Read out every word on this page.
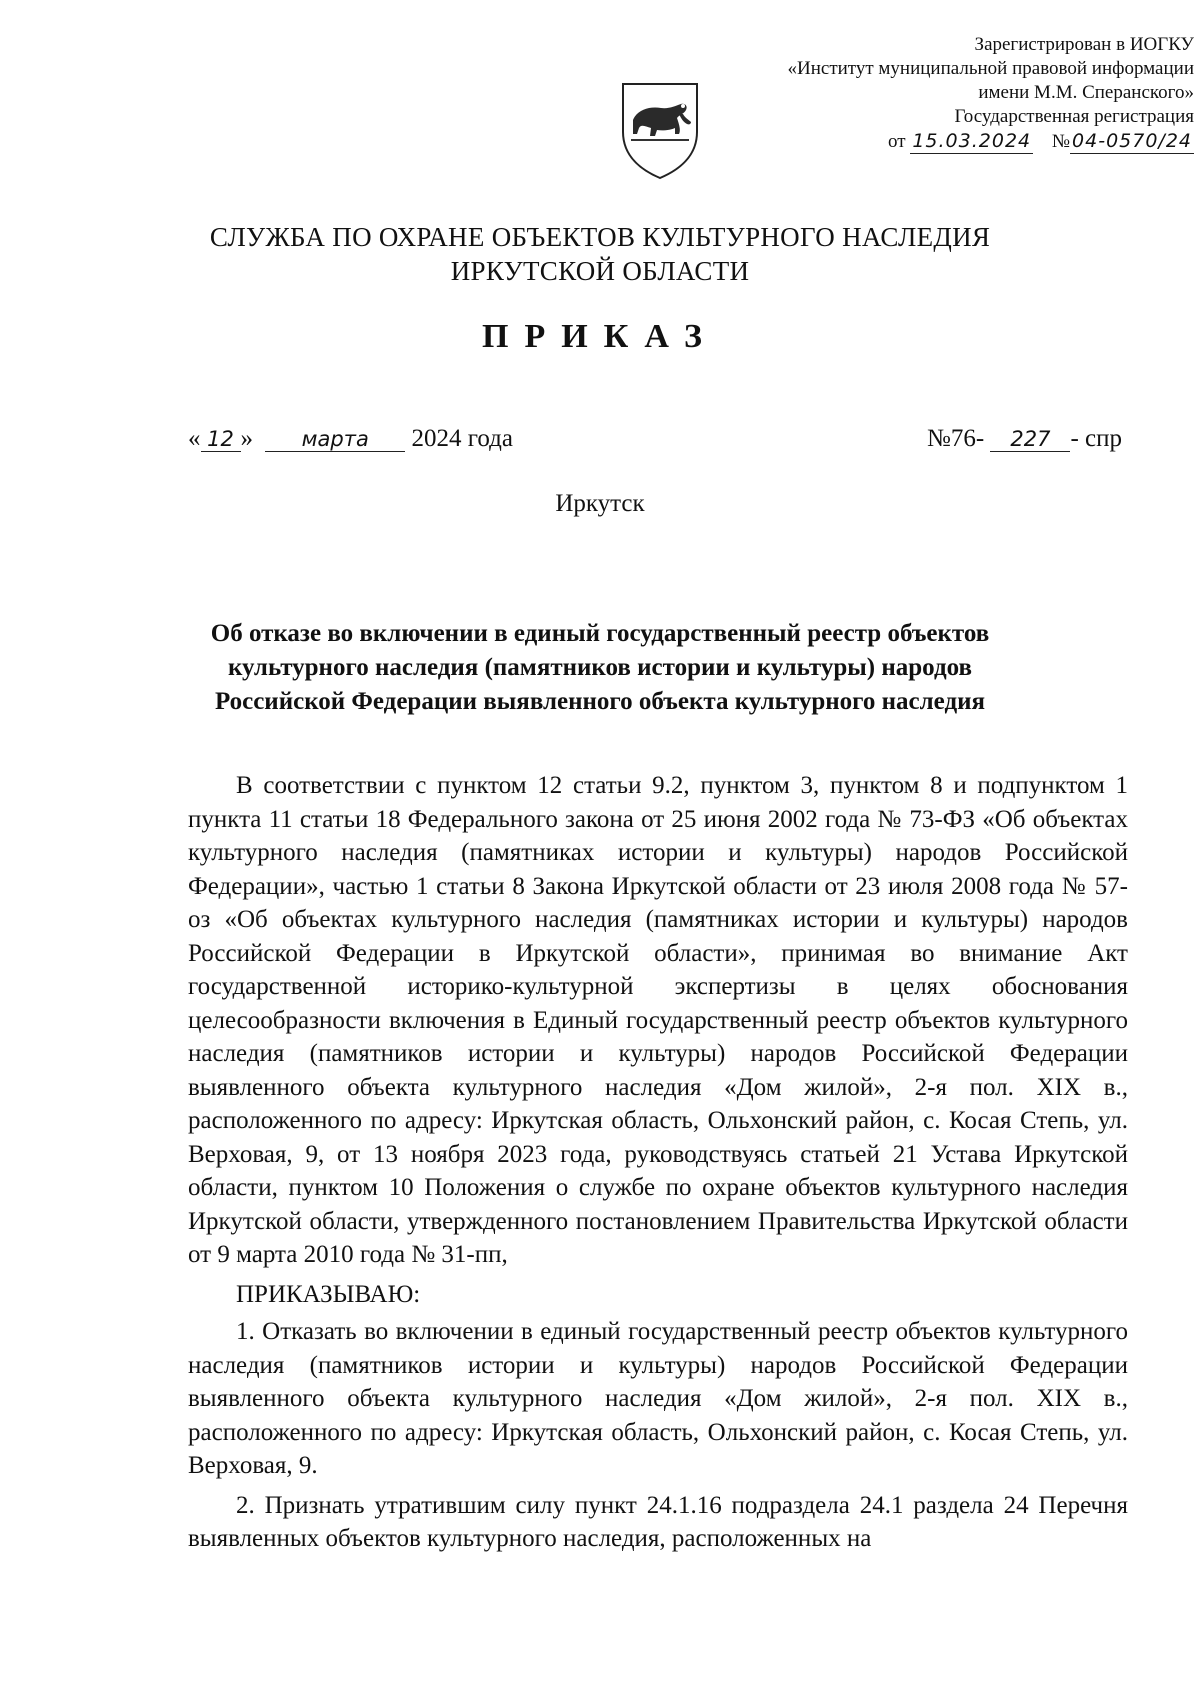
Зарегистрирован в ИОГКУ
«Институт муниципальной правовой информации
имени М.М. Сперанского»
Государственная регистрация
от 15.03.2024 № 04-0570/24
СЛУЖБА ПО ОХРАНЕ ОБЪЕКТОВ КУЛЬТУРНОГО НАСЛЕДИЯ
ИРКУТСКОЙ ОБЛАСТИ
ПРИКАЗ
« 12 » марта 2024 года	№76- 227 - спр
Иркутск
Об отказе во включении в единый государственный реестр объектов культурного наследия (памятников истории и культуры) народов Российской Федерации выявленного объекта культурного наследия

В соответствии с пунктом 12 статьи 9.2, пунктом 3, пунктом 8 и подпунктом 1 пункта 11 статьи 18 Федерального закона от 25 июня 2002 года № 73-ФЗ «Об объектах культурного наследия (памятниках истории и культуры) народов Российской Федерации», частью 1 статьи 8 Закона Иркутской области от 23 июля 2008 года № 57-оз «Об объектах культурного наследия (памятниках истории и культуры) народов Российской Федерации в Иркутской области», принимая во внимание Акт государственной историко-культурной экспертизы в целях обоснования целесообразности включения в Единый государственный реестр объектов культурного наследия (памятников истории и культуры) народов Российской Федерации выявленного объекта культурного наследия «Дом жилой», 2-я пол. XIX в., расположенного по адресу: Иркутская область, Ольхонский район, с. Косая Степь, ул. Верховая, 9, от 13 ноября 2023 года, руководствуясь статьей 21 Устава Иркутской области, пунктом 10 Положения о службе по охране объектов культурного наследия Иркутской области, утвержденного постановлением Правительства Иркутской области от 9 марта 2010 года № 31-пп,

ПРИКАЗЫВАЮ:

1. Отказать во включении в единый государственный реестр объектов культурного наследия (памятников истории и культуры) народов Российской Федерации выявленного объекта культурного наследия «Дом жилой», 2-я пол. XIX в., расположенного по адресу: Иркутская область, Ольхонский район, с. Косая Степь, ул. Верховая, 9.

2. Признать утратившим силу пункт 24.1.16 подраздела 24.1 раздела 24 Перечня выявленных объектов культурного наследия, расположенных на
